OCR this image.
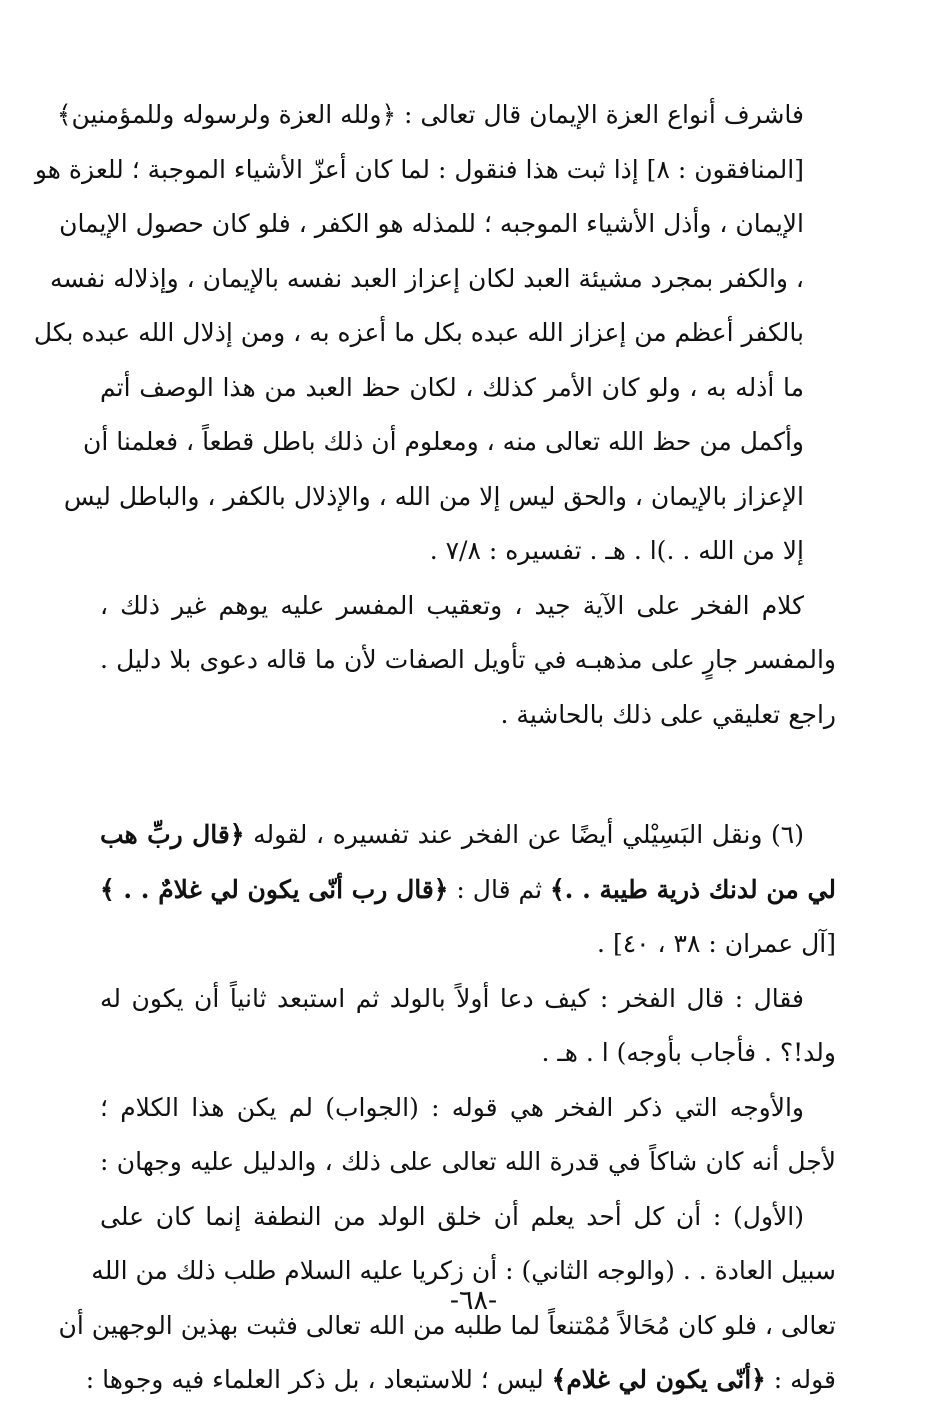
فاشرف أنواع العزة الإيمان قال تعالى : ﴿ولله العزة ولرسوله وللمؤمنين﴾
[المنافقون : ٨] إذا ثبت هذا فنقول : لما كان أعزّ الأشياء الموجبة ؛ للعزة هو
الإيمان ، وأذل الأشياء الموجبه ؛ للمذله هو الكفر ، فلو كان حصول الإيمان
، والكفر بمجرد مشيئة العبد لكان إعزاز العبد نفسه بالإيمان ، وإذلاله نفسه
بالكفر أعظم من إعزاز الله عبده بكل ما أعزه به ، ومن إذلال الله عبده بكل
ما أذله به ، ولو كان الأمر كذلك ، لكان حظ العبد من هذا الوصف أتم
وأكمل من حظ الله تعالى منه ، ومعلوم أن ذلك باطل قطعاً ، فعلمنا أن
الإعزاز بالإيمان ، والحق ليس إلا من الله ، والإذلال بالكفر ، والباطل ليس
إلا من الله . .)ا . هـ . تفسيره : ٧/٨ .

كلام الفخر على الآية جيد ، وتعقيب المفسر عليه يوهم غير ذلك ،

والمفسر جارٍ على مذهبـه في تأويل الصفات لأن ما قاله دعوى بلا دليل .
راجع تعليقي على ذلك بالحاشية .

(٦) ونقل البَسِيْلي أيضًا عن الفخر عند تفسيره ، لقوله ﴿قال ربِّ هب

لي من لدنك ذرية طيبة . .﴾ ثم قال : ﴿قال رب أنّى يكون لي غلامٌ . . ﴾
[آل عمران : ٣٨ ، ٤٠] .

فقال : قال الفخر : كيف دعا أولاً بالولد ثم استبعد ثانياً أن يكون له

ولد!؟ . فأجاب بأوجه) ا . هـ .

والأوجه التي ذكر الفخر هي قوله : (الجواب) لم يكن هذا الكلام ؛

لأجل أنه كان شاكاً في قدرة الله تعالى على ذلك ، والدليل عليه وجهان :

(الأول) : أن كل أحد يعلم أن خلق الولد من النطفة إنما كان على

سبيل العادة . . (والوجه الثاني) : أن زكريا عليه السلام طلب ذلك من الله
تعالى ، فلو كان مُحَالاً مُمْتنعاً لما طلبه من الله تعالى فثبت بهذين الوجهين أن
قوله : ﴿أنّى يكون لي غلام﴾ ليس ؛ للاستبعاد ، بل ذكر العلماء فيه وجوها :

-٦٨-
